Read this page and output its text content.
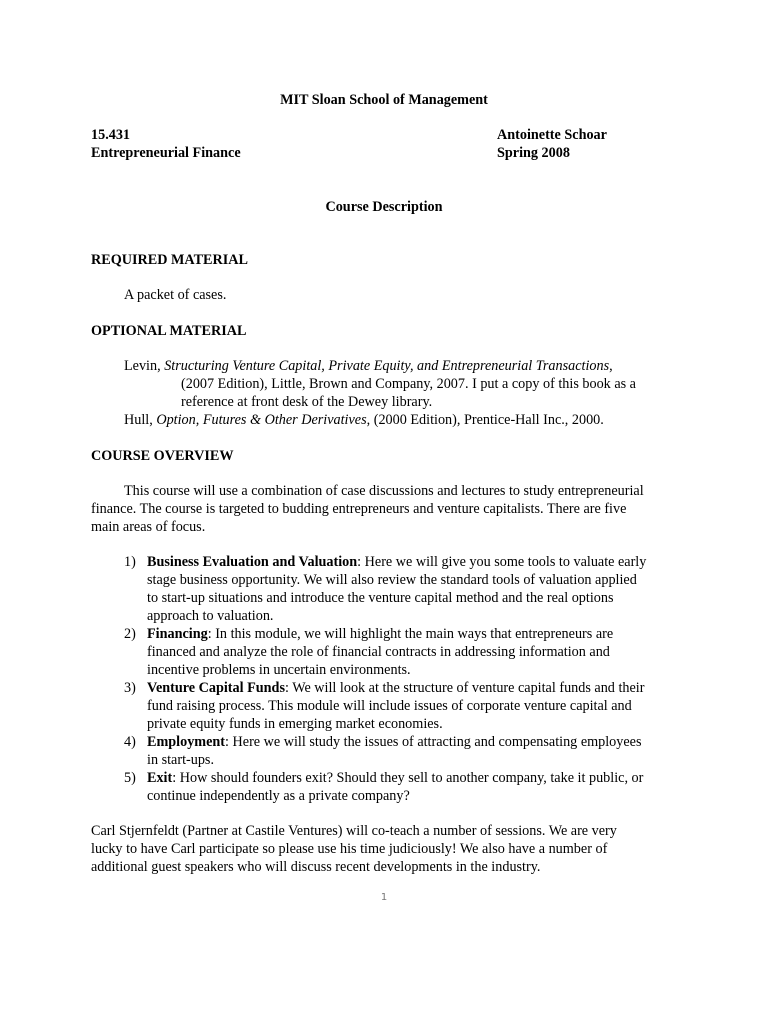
MIT Sloan School of Management
15.431
Entrepreneurial Finance
Antoinette Schoar
Spring 2008
Course Description
REQUIRED MATERIAL
A packet of cases.
OPTIONAL MATERIAL
Levin, Structuring Venture Capital, Private Equity, and Entrepreneurial Transactions,
(2007 Edition), Little, Brown and Company, 2007. I put a copy of this book as a
reference at front desk of the Dewey library.
Hull, Option, Futures & Other Derivatives, (2000 Edition), Prentice-Hall Inc., 2000.
COURSE OVERVIEW
This course will use a combination of case discussions and lectures to study entrepreneurial
finance. The course is targeted to budding entrepreneurs and venture capitalists. There are five
main areas of focus.
1) Business Evaluation and Valuation: Here we will give you some tools to valuate early
stage business opportunity. We will also review the standard tools of valuation applied
to start-up situations and introduce the venture capital method and the real options
approach to valuation.
2) Financing: In this module, we will highlight the main ways that entrepreneurs are
financed and analyze the role of financial contracts in addressing information and
incentive problems in uncertain environments.
3) Venture Capital Funds: We will look at the structure of venture capital funds and their
fund raising process. This module will include issues of corporate venture capital and
private equity funds in emerging market economies.
4) Employment: Here we will study the issues of attracting and compensating employees
in start-ups.
5) Exit: How should founders exit? Should they sell to another company, take it public, or
continue independently as a private company?
Carl Stjernfeldt (Partner at Castile Ventures) will co-teach a number of sessions. We are very
lucky to have Carl participate so please use his time judiciously! We also have a number of
additional guest speakers who will discuss recent developments in the industry.
1
